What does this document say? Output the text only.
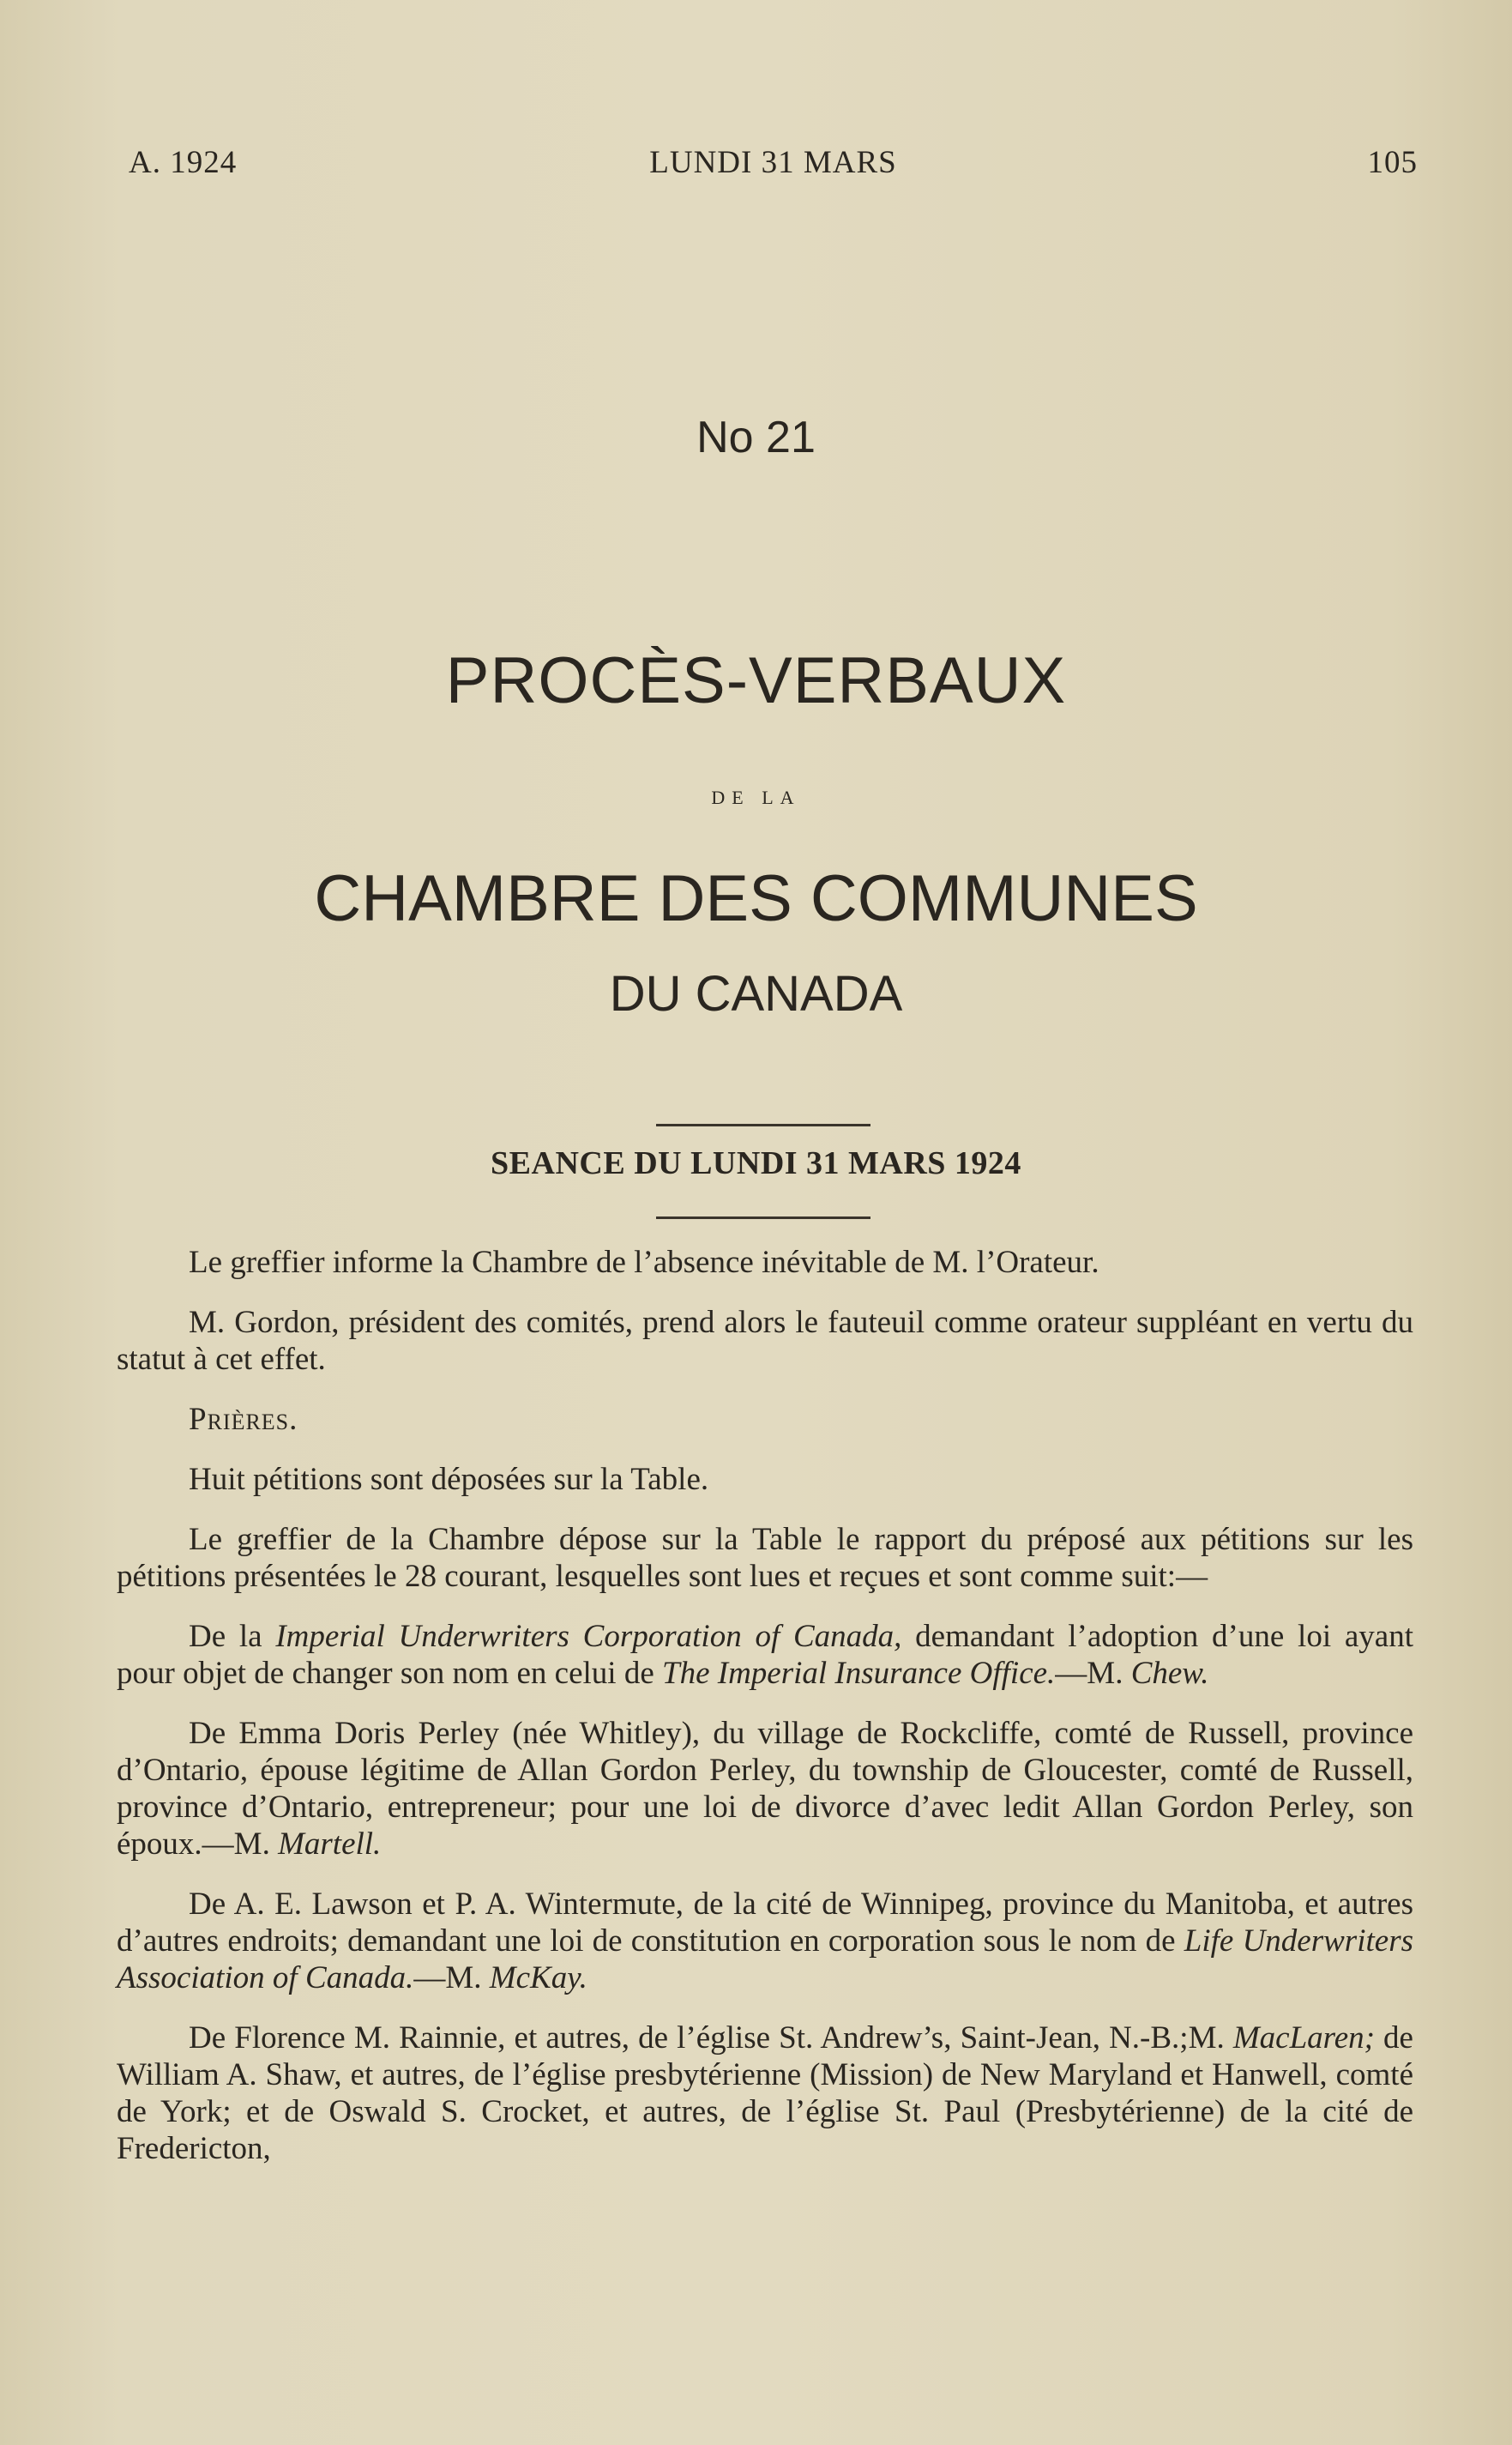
A. 1924	LUNDI 31 MARS	105
No 21
PROCÈS-VERBAUX
DE LA
CHAMBRE DES COMMUNES
DU CANADA
SEANCE DU LUNDI 31 MARS 1924

Le greffier informe la Chambre de l’absence inévitable de M. l’Orateur.

M. Gordon, président des comités, prend alors le fauteuil comme orateur suppléant en vertu du statut à cet effet.

Prières.

Huit pétitions sont déposées sur la Table.

Le greffier de la Chambre dépose sur la Table le rapport du préposé aux pétitions sur les pétitions présentées le 28 courant, lesquelles sont lues et reçues et sont comme suit:—

De la Imperial Underwriters Corporation of Canada, demandant l’adoption d’une loi ayant pour objet de changer son nom en celui de The Imperial Insurance Office.—M. Chew.

De Emma Doris Perley (née Whitley), du village de Rockcliffe, comté de Russell, province d’Ontario, épouse légitime de Allan Gordon Perley, du township de Gloucester, comté de Russell, province d’Ontario, entrepreneur; pour une loi de divorce d’avec ledit Allan Gordon Perley, son époux.—M. Martell.

De A. E. Lawson et P. A. Wintermute, de la cité de Winnipeg, province du Manitoba, et autres d’autres endroits; demandant une loi de constitution en corporation sous le nom de Life Underwriters Association of Canada.—M. McKay.

De Florence M. Rainnie, et autres, de l’église St. Andrew’s, Saint-Jean, N.-B.;M. MacLaren; de William A. Shaw, et autres, de l’église presbytérienne (Mission) de New Maryland et Hanwell, comté de York; et de Oswald S. Crocket, et autres, de l’église St. Paul (Presbytérienne) de la cité de Fredericton,
